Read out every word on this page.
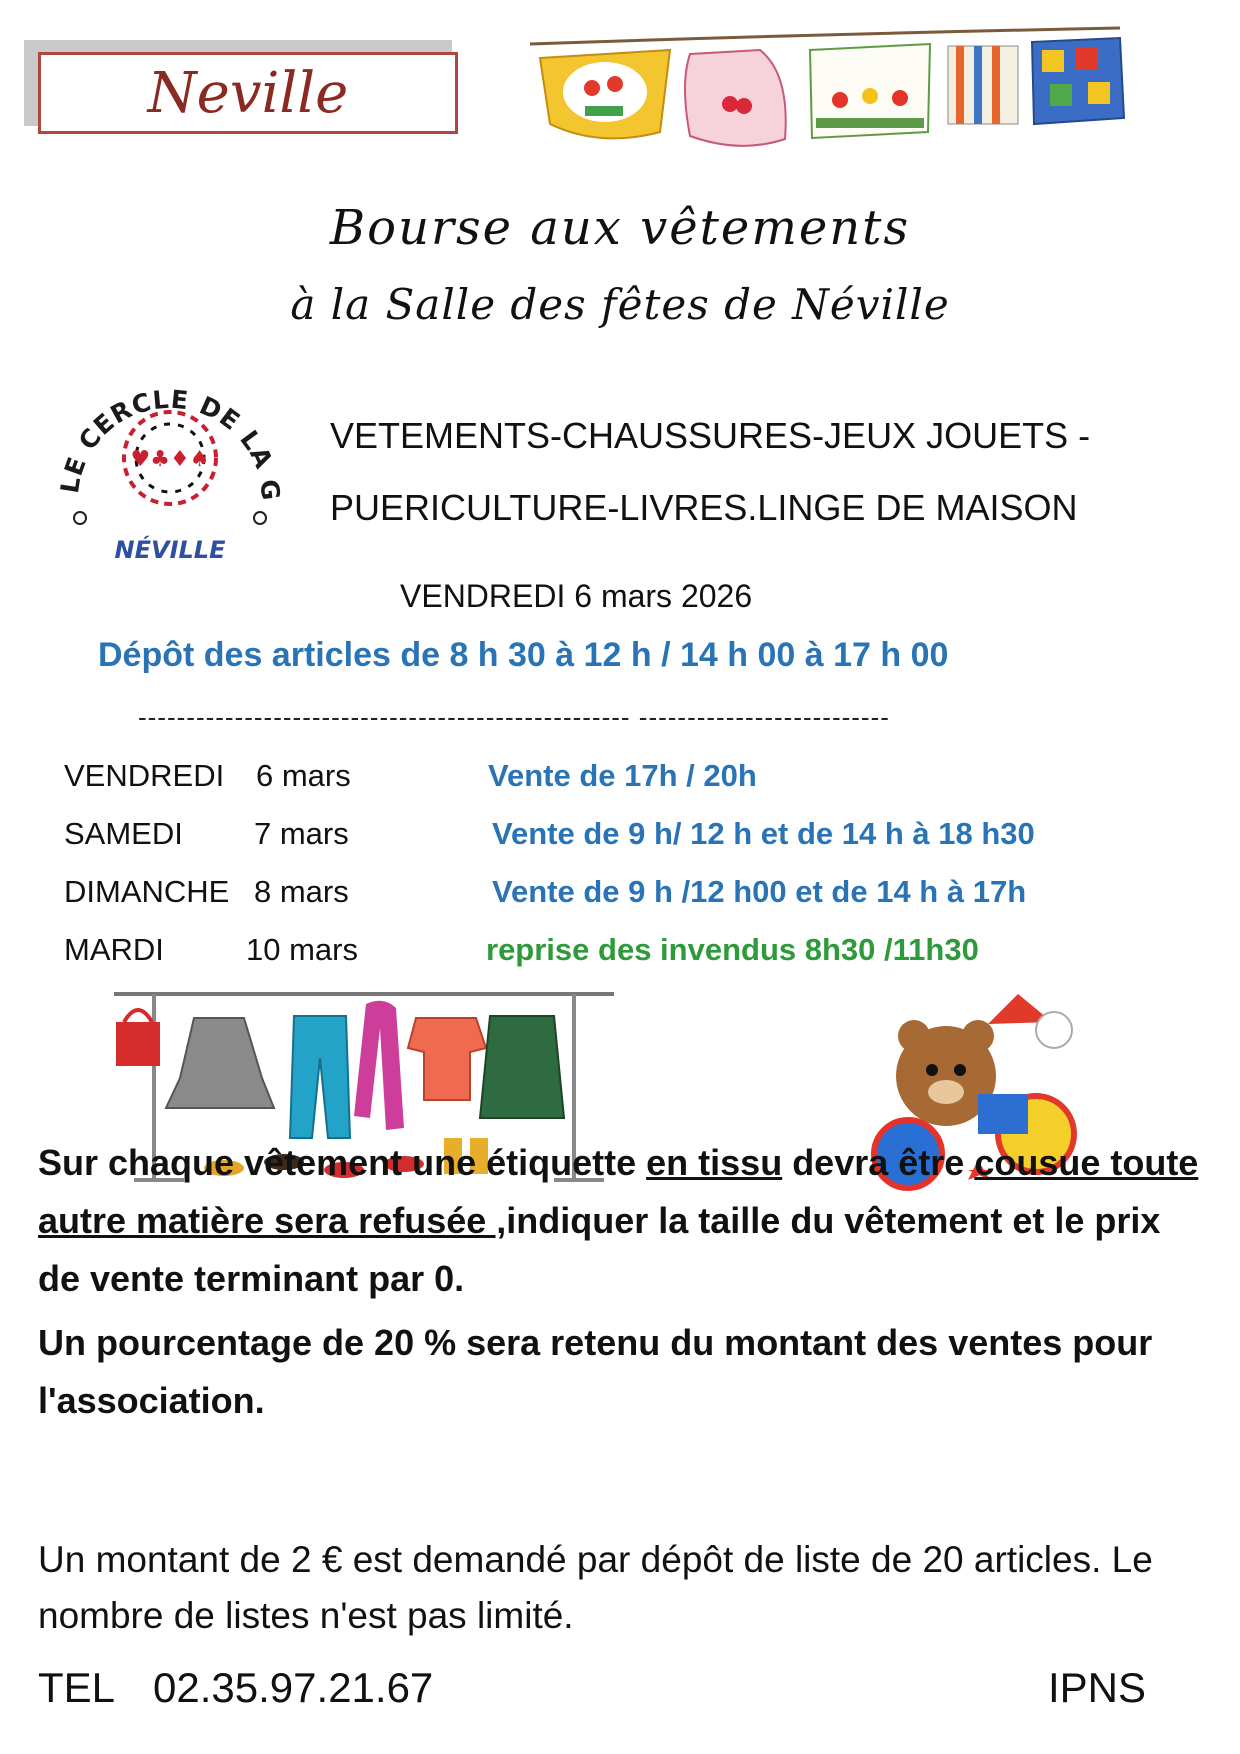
Neville
Bourse aux vêtements
à la Salle des fêtes de Néville
LE CERCLE DE LA GAIETÉ
♥♣♦♠
NÉVILLE
VETEMENTS-CHAUSSURES-JEUX JOUETS -
PUERICULTURE-LIVRES.LINGE DE MAISON
VENDREDI 6 mars 2026
Dépôt des articles de 8 h 30 à 12 h / 14 h 00 à 17 h 00
--------------------------------------------------- --------------------------
VENDREDI 6 mars	Vente de 17h / 20h
SAMEDI 7 mars	Vente de 9 h/ 12 h et de 14 h à 18 h30
DIMANCHE 8 mars	Vente de 9 h /12 h00 et de 14 h à 17h
MARDI	10 mars	reprise des invendus 8h30 /11h30
Sur chaque vêtement une étiquette en tissu devra être cousue toute autre matière sera refusée ,indiquer la taille du vêtement et le prix de vente terminant par 0.
Un pourcentage de 20 % sera retenu du montant des ventes pour l'association.
Un montant de 2 € est demandé par dépôt de liste de 20 articles. Le nombre de listes n'est pas limité.
TEL 02.35.97.21.67	IPNS
